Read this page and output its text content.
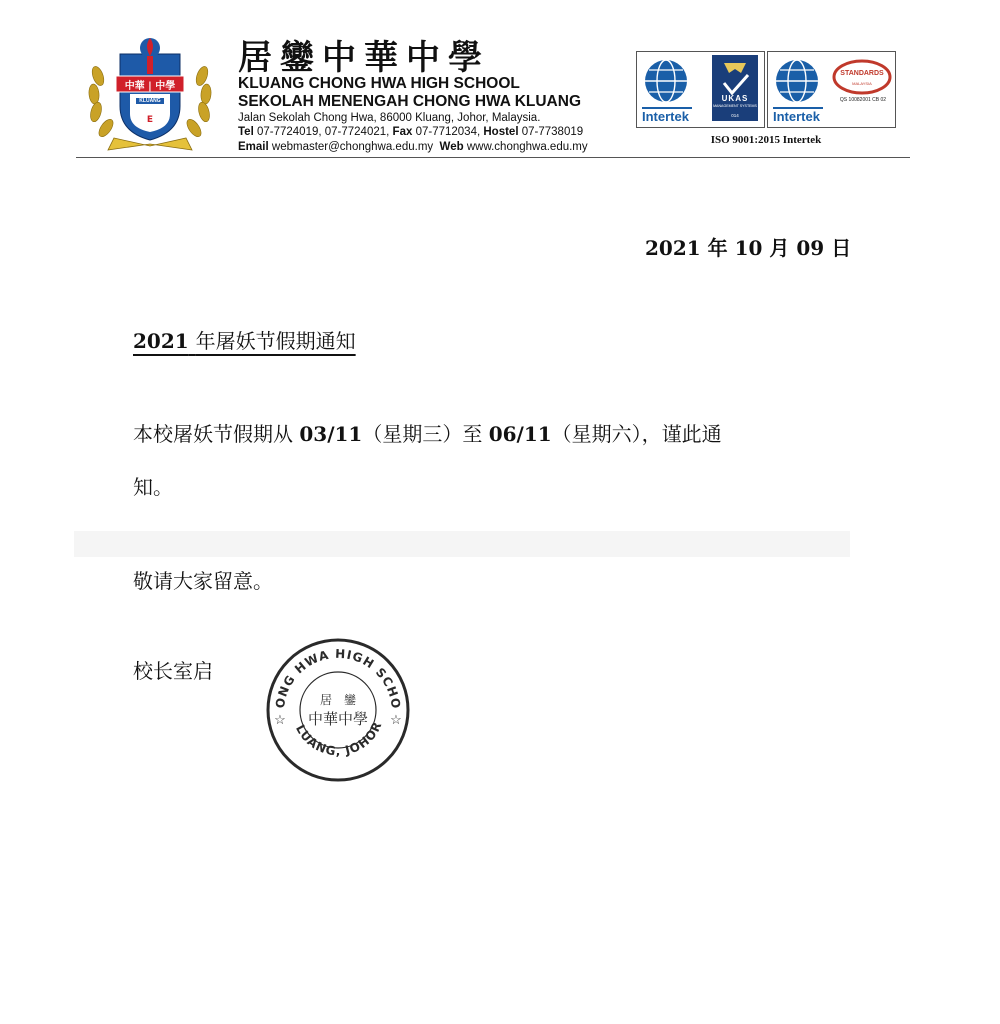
E
中華 | 中學
KLUANG
居鑾中華中學
KLUANG CHONG HWA HIGH SCHOOL
SEKOLAH MENENGAH CHONG HWA KLUANG
Jalan Sekolah Chong Hwa, 86000 Kluang, Johor, Malaysia.
Tel 07-7724019, 07-7724021, Fax 07-7712034, Hostel 07-7738019
Email webmaster@chonghwa.edu.my Web www.chonghwa.edu.my
Intertek	Intertek
UKAS
MANAGEMENT SYSTEMS
014
STANDARDS
MALAYSIA
QS 10082001 CB 02
ISO 9001:2015 Intertek
2021 年 10 月 09 日
2021 年屠妖节假期通知
本校屠妖节假期从 03/11（星期三）至 06/11（星期六），谨此通
知。
敬请大家留意。
校长室启
ONG HWA HIGH SCHO
LUANG, JOHOR
居　鑾
中華中學
☆	☆
